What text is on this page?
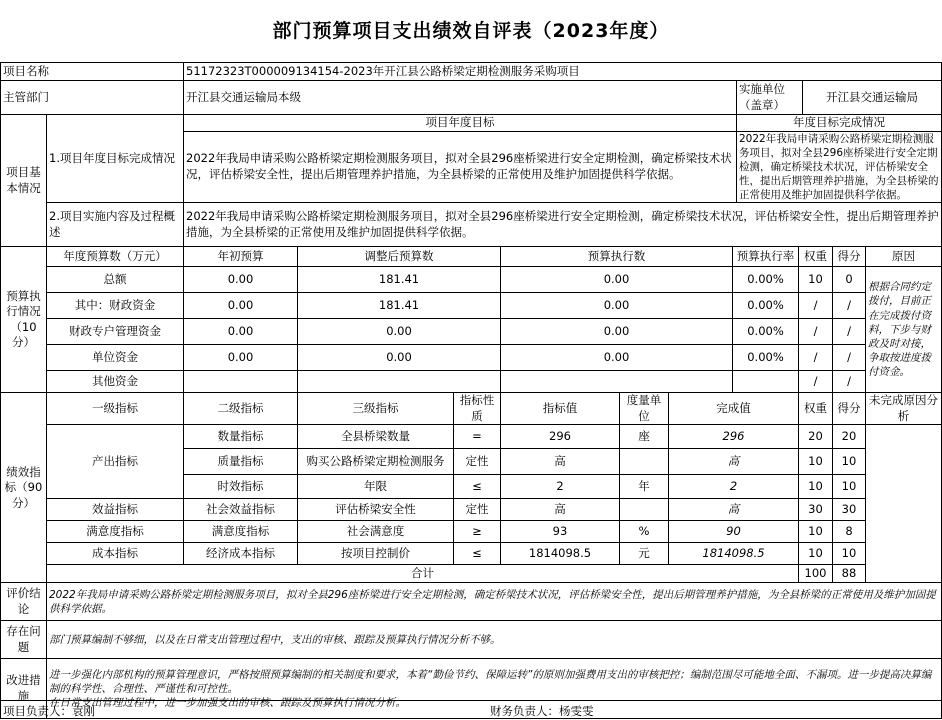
部门预算项目支出绩效自评表（2023年度）
项目名称		51172323T000009134154-2023年开江县公路桥梁定期检测服务采购项目											
主管部门		开江县交通运输局本级							实施单位（盖章）		开江县交通运输局		
项目基本情况	1.项目年度目标完成情况	项目年度目标							年度目标完成情况				
		2022年我局申请采购公路桥梁定期检测服务项目，拟对全县296座桥梁进行安全定期检测，确定桥梁技术状况，评估桥梁安全性，提出后期管理养护措施，为全县桥梁的正常使用及维护加固提供科学依据。							2022年我局申请采购公路桥梁定期检测服务项目，拟对全县296座桥梁进行安全定期检测，确定桥梁技术状况，评估桥梁安全性，提出后期管理养护措施，为全县桥梁的正常使用及维护加固提供科学依据。				
	2.项目实施内容及过程概述	2022年我局申请采购公路桥梁定期检测服务项目，拟对全县296座桥梁进行安全定期检测，确定桥梁技术状况，评估桥梁安全性，提出后期管理养护措施，为全县桥梁的正常使用及维护加固提供科学依据。											
预算执行情况（10分）	年度预算数（万元）	年初预算	调整后预算数		预算执行数			预算执行率		权重		得分	原因
	总额	0.00	181.41		0.00			0.00%		10		0	根据合同约定拨付，目前正在完成拨付资料，下步与财政及时对接，争取按进度拨付资金。
	其中：财政资金	0.00	181.41		0.00			0.00%		/		/	
	财政专户管理资金	0.00	0.00		0.00			0.00%		/		/	
	单位资金	0.00	0.00		0.00			0.00%		/		/	
	其他资金									/		/	
绩效指标（90分）	一级指标	二级指标	三级指标	指标性质	指标值	度量单位	完成值			权重		得分	未完成原因分析
	产出指标	数量指标	全县桥梁数量	=	296	座	296			20		20	
		质量指标	购买公路桥梁定期检测服务	定性	高		高			10		10	
		时效指标	年限	≤	2	年	2			10		10	
	效益指标	社会效益指标	评估桥梁安全性	定性	高		高			30		30	
	满意度指标	满意度指标	社会满意度	≥	93	%	90			10		8	
	成本指标	经济成本指标	按项目控制价	≤	1814098.5	元	1814098.5			10		10	
	合计									100		88	
评价结论	2022年我局申请采购公路桥梁定期检测服务项目，拟对全县296座桥梁进行安全定期检测，确定桥梁技术状况，评估桥梁安全性，提出后期管理养护措施，为全县桥梁的正常使用及维护加固提供科学依据。												
存在问题	部门预算编制不够细，以及在日常支出管理过程中，支出的审核、跟踪及预算执行情况分析不够。												
改进措施	进一步强化内部机构的预算管理意识，严格按照预算编制的相关制度和要求，本着“勤俭节约、保障运转”的原则加强费用支出的审核把控；编制范围尽可能地全面、不漏项。进一步提高决算编制的科学性、合理性、严谨性和可控性。
在日常支出管理过程中，进一步加强支出的审核、跟踪及预算执行情况分析。												
项目负责人：袁刚	财务负责人：杨雯雯
